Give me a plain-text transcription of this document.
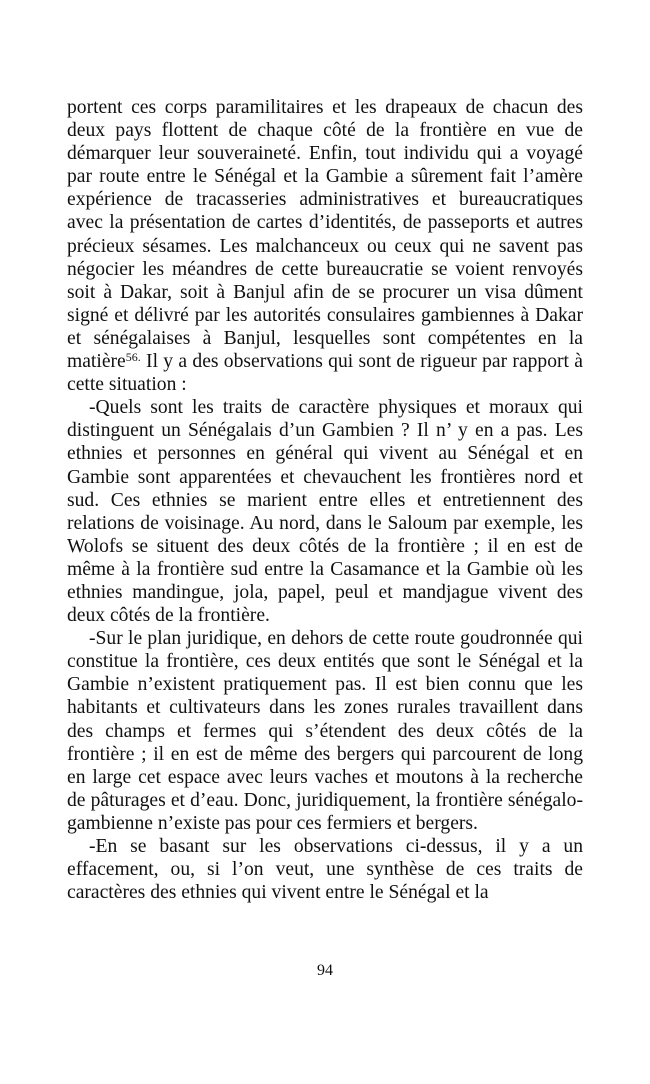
portent ces corps paramilitaires et les drapeaux de chacun des deux pays flottent de chaque côté de la frontière en vue de démarquer leur souveraineté. Enfin, tout individu qui a voyagé par route entre le Sénégal et la Gambie a sûrement fait l’amère expérience de tracasseries administratives et bureaucratiques avec la présentation de cartes d’identités, de passeports et autres précieux sésames. Les malchanceux ou ceux qui ne savent pas négocier les méandres de cette bureaucratie se voient renvoyés soit à Dakar, soit à Banjul afin de se procurer un visa dûment signé et délivré par les autorités consulaires gambiennes à Dakar et sénégalaises à Banjul, lesquelles sont compétentes en la matière$^{56.}$ Il y a des observations qui sont de rigueur par rapport à cette situation :

-Quels sont les traits de caractère physiques et moraux qui distinguent un Sénégalais d’un Gambien ? Il n’ y en a pas. Les ethnies et personnes en général qui vivent au Sénégal et en Gambie sont apparentées et chevauchent les frontières nord et sud. Ces ethnies se marient entre elles et entretiennent des relations de voisinage. Au nord, dans le Saloum par exemple, les Wolofs se situent des deux côtés de la frontière ; il en est de même à la frontière sud entre la Casamance et la Gambie où les ethnies mandingue, jola, papel, peul et mandjague vivent des deux côtés de la frontière.

-Sur le plan juridique, en dehors de cette route goudronnée qui constitue la frontière, ces deux entités que sont le Sénégal et la Gambie n’existent pratiquement pas. Il est bien connu que les habitants et cultivateurs dans les zones rurales travaillent dans des champs et fermes qui s’étendent des deux côtés de la frontière ; il en est de même des bergers qui parcourent de long en large cet espace avec leurs vaches et moutons à la recherche de pâturages et d’eau. Donc, juridiquement, la frontière sénégalo-gambienne n’existe pas pour ces fermiers et bergers.

-En se basant sur les observations ci-dessus, il y a un effacement, ou, si l’on veut, une synthèse de ces traits de caractères des ethnies qui vivent entre le Sénégal et la

94
